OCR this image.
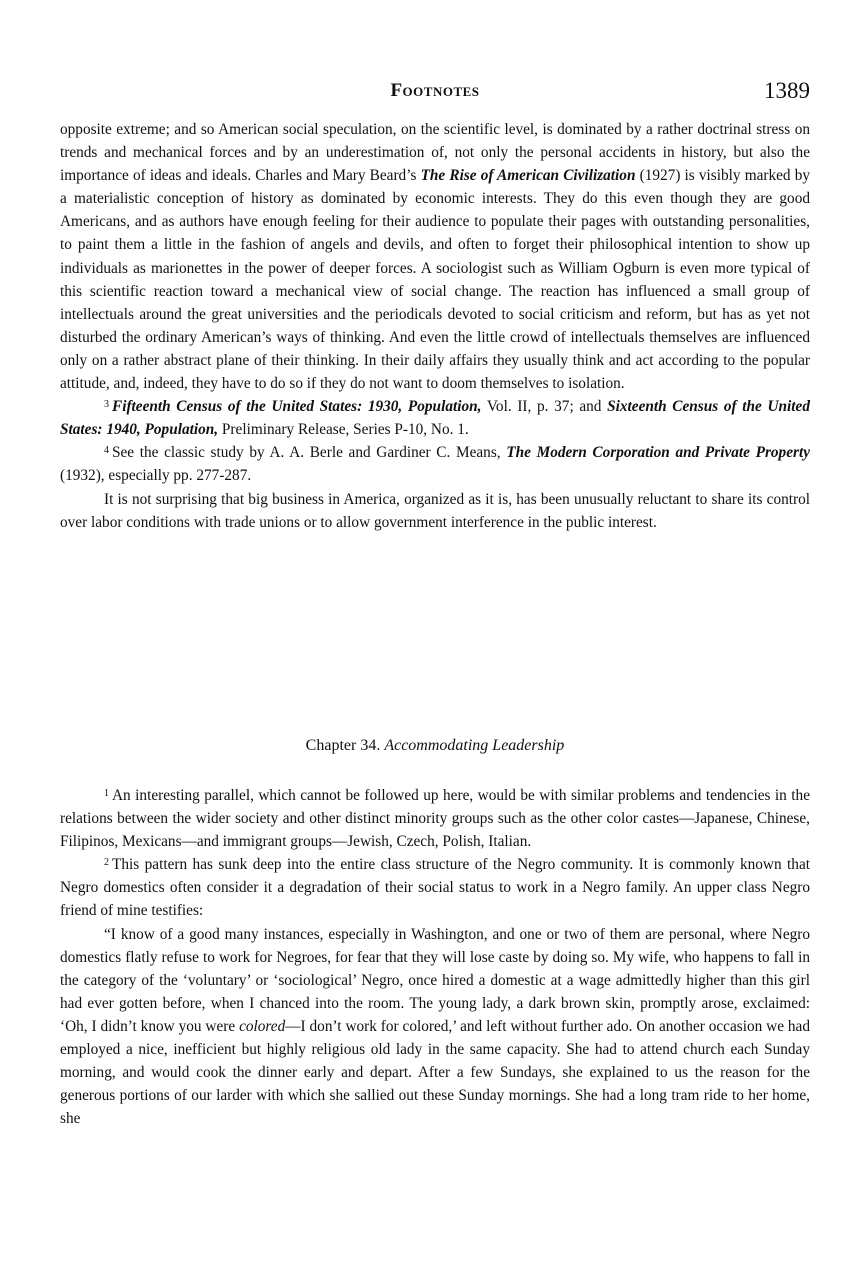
Footnotes	1389

opposite extreme; and so American social speculation, on the scientific level, is dominated by a rather doctrinal stress on trends and mechanical forces and by an underestimation of, not only the personal accidents in history, but also the importance of ideas and ideals. Charles and Mary Beard’s The Rise of American Civilization (1927) is visibly marked by a materialistic conception of history as dominated by economic interests. They do this even though they are good Americans, and as authors have enough feeling for their audience to populate their pages with outstanding personalities, to paint them a little in the fashion of angels and devils, and often to forget their philosophical intention to show up individuals as marionettes in the power of deeper forces. A sociologist such as William Ogburn is even more typical of this scientific reaction toward a mechanical view of social change. The reaction has influenced a small group of intellectuals around the great universities and the periodicals devoted to social criticism and reform, but has as yet not disturbed the ordinary American’s ways of thinking. And even the little crowd of intellectuals themselves are influenced only on a rather abstract plane of their thinking. In their daily affairs they usually think and act according to the popular attitude, and, indeed, they have to do so if they do not want to doom themselves to isolation.

$^3$ Fifteenth Census of the United States: 1930, Population, Vol. II, p. 37; and Sixteenth Census of the United States: 1940, Population, Preliminary Release, Series P-10, No. 1.

$^4$ See the classic study by A. A. Berle and Gardiner C. Means, The Modern Corporation and Private Property (1932), especially pp. 277-287.

It is not surprising that big business in America, organized as it is, has been unusually reluctant to share its control over labor conditions with trade unions or to allow government interference in the public interest.

Chapter 34. Accommodating Leadership

$^1$ An interesting parallel, which cannot be followed up here, would be with similar problems and tendencies in the relations between the wider society and other distinct minority groups such as the other color castes—Japanese, Chinese, Filipinos, Mexicans—and immigrant groups—Jewish, Czech, Polish, Italian.

$^2$ This pattern has sunk deep into the entire class structure of the Negro community. It is commonly known that Negro domestics often consider it a degradation of their social status to work in a Negro family. An upper class Negro friend of mine testifies:

“I know of a good many instances, especially in Washington, and one or two of them are personal, where Negro domestics flatly refuse to work for Negroes, for fear that they will lose caste by doing so. My wife, who happens to fall in the category of the ‘voluntary’ or ‘sociological’ Negro, once hired a domestic at a wage admittedly higher than this girl had ever gotten before, when I chanced into the room. The young lady, a dark brown skin, promptly arose, exclaimed: ‘Oh, I didn’t know you were colored—I don’t work for colored,’ and left without further ado. On another occasion we had employed a nice, inefficient but highly religious old lady in the same capacity. She had to attend church each Sunday morning, and would cook the dinner early and depart. After a few Sundays, she explained to us the reason for the generous portions of our larder with which she sallied out these Sunday mornings. She had a long tram ride to her home, she
